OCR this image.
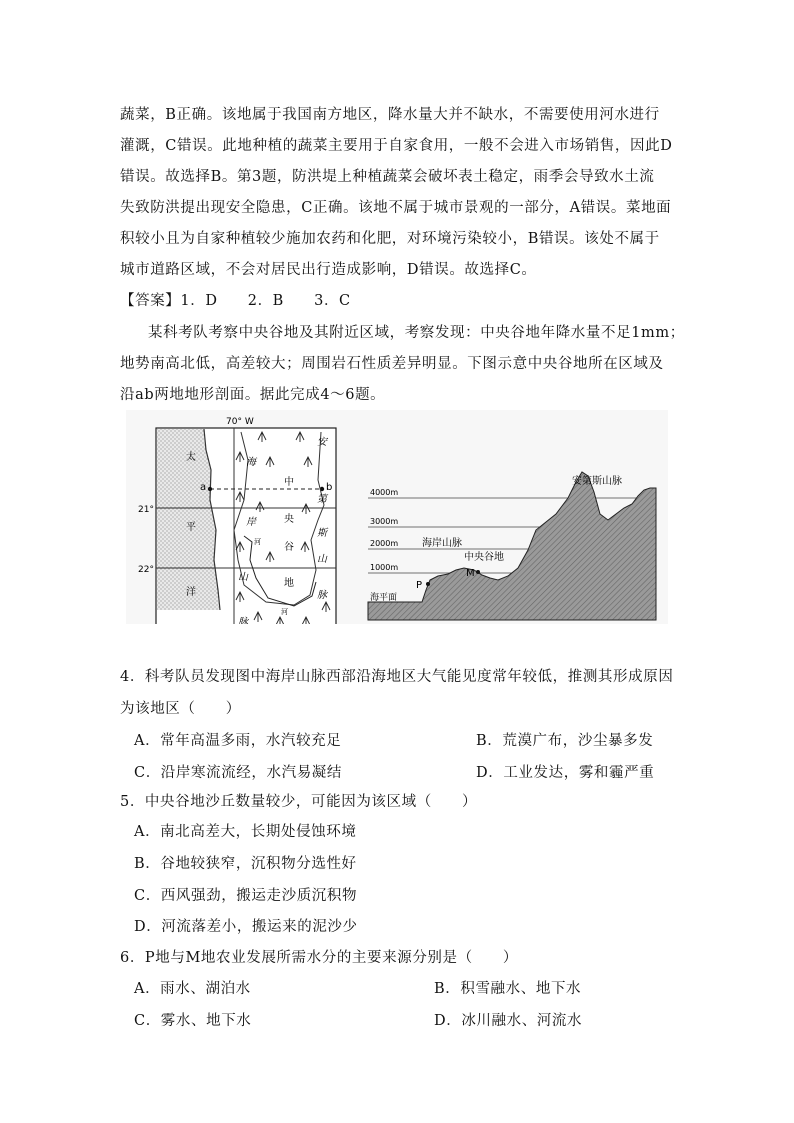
蔬菜，B正确。该地属于我国南方地区，降水量大并不缺水，不需要使用河水进行
灌溉，C错误。此地种植的蔬菜主要用于自家食用，一般不会进入市场销售，因此D
错误。故选择B。第3题，防洪堤上种植蔬菜会破坏表土稳定，雨季会导致水土流
失致防洪提出现安全隐患，C正确。该地不属于城市景观的一部分，A错误。菜地面
积较小且为自家种植较少施加农药和化肥，对环境污染较小，B错误。该处不属于
城市道路区域，不会对居民出行造成影响，D错误。故选择C。
【答案】1．D　　2．B　　3．C
某科考队考察中央谷地及其附近区域，考察发现：中央谷地年降水量不足1mm；
地势南高北低，高差较大；周围岩石性质差异明显。下图示意中央谷地所在区域及
沿ab两地地形剖面。据此完成4～6题。
70° W
21°
22°
太
平
洋
a	b
河
河
海
岸
山
脉
中
央
谷
地
安
第
斯
山
脉
4000m
3000m
2000m
1000m
海平面
安第斯山脉
海岸山脉
中央谷地
P
M
4．科考队员发现图中海岸山脉西部沿海地区大气能见度常年较低，推测其形成原因
为该地区（　　）
A．常年高温多雨，水汽较充足	B．荒漠广布，沙尘暴多发
C．沿岸寒流流经，水汽易凝结	D．工业发达，雾和霾严重
5．中央谷地沙丘数量较少，可能因为该区域（　　）
A．南北高差大，长期处侵蚀环境
B．谷地较狭窄，沉积物分选性好
C．西风强劲，搬运走沙质沉积物
D．河流落差小，搬运来的泥沙少
6．P地与M地农业发展所需水分的主要来源分别是（　　）
A．雨水、湖泊水	B．积雪融水、地下水
C．雾水、地下水	D．冰川融水、河流水
